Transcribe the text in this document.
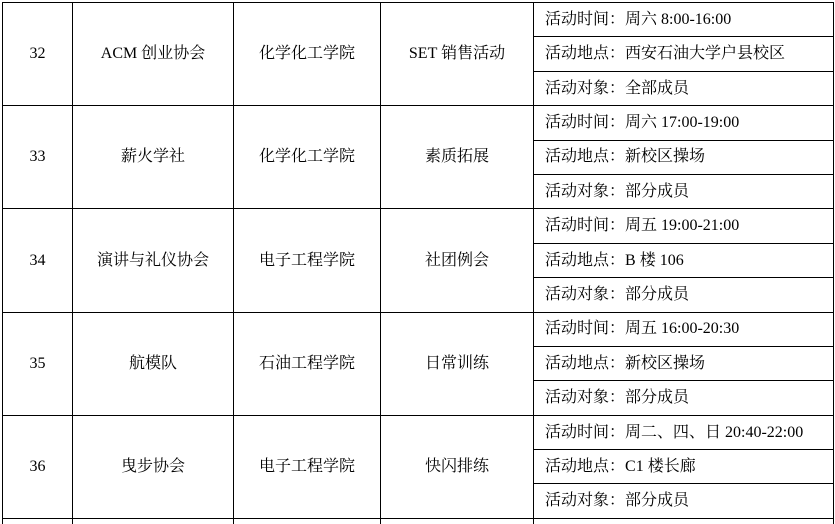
32	ACM 创业协会	化学化工学院	SET 销售活动	活动时间：周六 8:00-16:00
				活动地点：西安石油大学户县校区
				活动对象：全部成员
33	薪火学社	化学化工学院	素质拓展	活动时间：周六 17:00-19:00
				活动地点：新校区操场
				活动对象：部分成员
34	演讲与礼仪协会	电子工程学院	社团例会	活动时间：周五 19:00-21:00
				活动地点：B 楼 106
				活动对象：部分成员
35	航模队	石油工程学院	日常训练	活动时间：周五 16:00-20:30
				活动地点：新校区操场
				活动对象：部分成员
36	曳步协会	电子工程学院	快闪排练	活动时间：周二、四、日 20:40-22:00
				活动地点：C1 楼长廊
				活动对象：部分成员
